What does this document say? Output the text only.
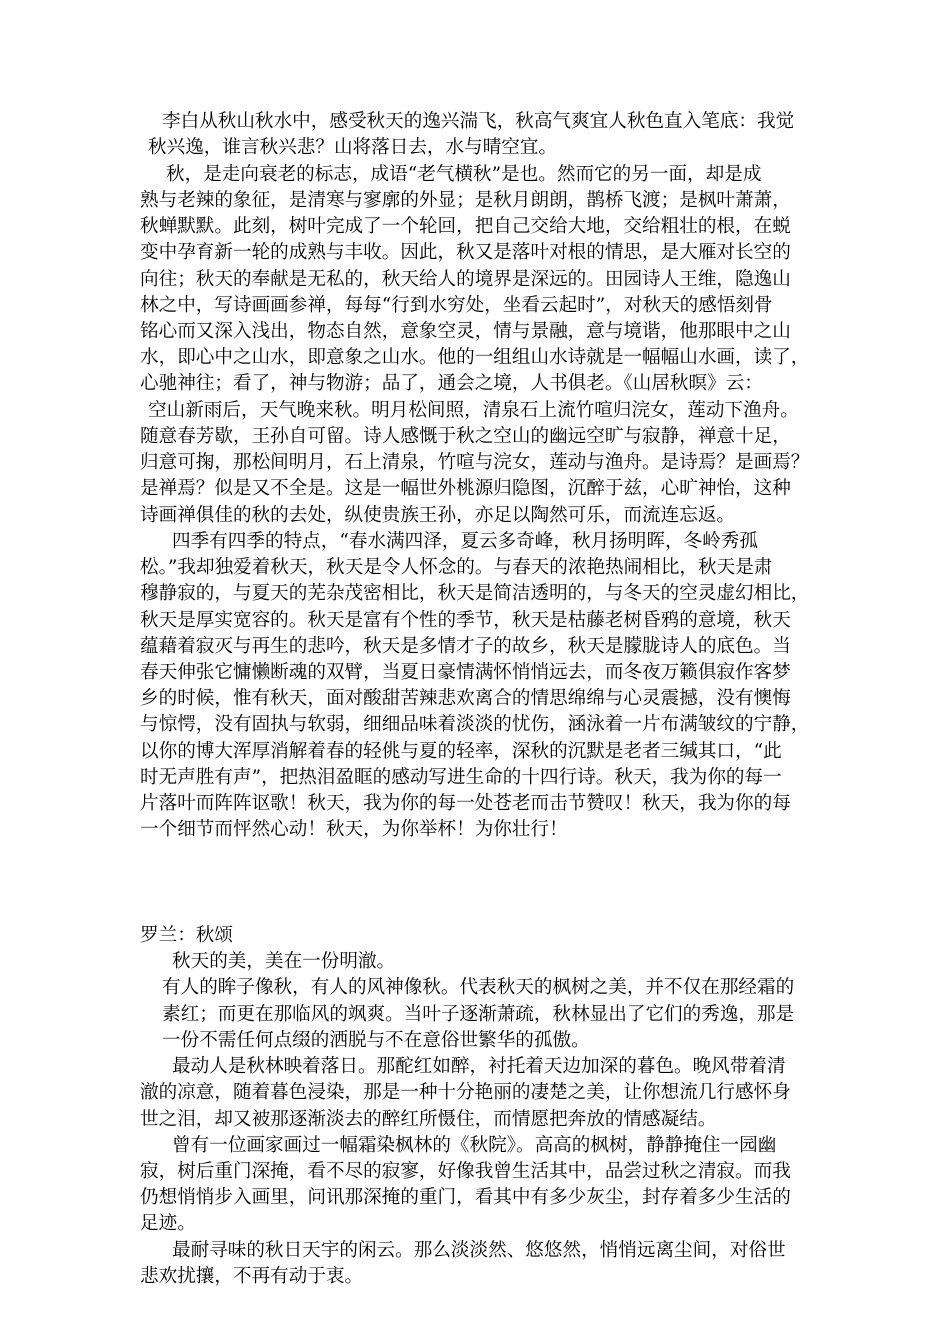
李白从秋山秋水中，感受秋天的逸兴湍飞，秋高气爽宜人秋色直入笔底：我觉

秋兴逸，谁言秋兴悲？山将落日去，水与晴空宜。

秋，是走向衰老的标志，成语“老气横秋”是也。然而它的另一面，却是成

熟与老辣的象征，是清寒与寥廓的外显；是秋月朗朗，鹊桥飞渡；是枫叶萧萧，

秋蝉默默。此刻，树叶完成了一个轮回，把自己交给大地，交给粗壮的根，在蜕

变中孕育新一轮的成熟与丰收。因此，秋又是落叶对根的情思，是大雁对长空的

向往；秋天的奉献是无私的，秋天给人的境界是深远的。田园诗人王维，隐逸山

林之中，写诗画画参禅，每每“行到水穷处，坐看云起时”，对秋天的感悟刻骨

铭心而又深入浅出，物态自然，意象空灵，情与景融，意与境谐，他那眼中之山

水，即心中之山水，即意象之山水。他的一组组山水诗就是一幅幅山水画，读了，

心驰神往；看了，神与物游；品了，通会之境，人书俱老。《山居秋暝》云：

空山新雨后，天气晚来秋。明月松间照，清泉石上流竹喧归浣女，莲动下渔舟。

随意春芳歇，王孙自可留。诗人感慨于秋之空山的幽远空旷与寂静，禅意十足，

归意可掬，那松间明月，石上清泉，竹喧与浣女，莲动与渔舟。是诗焉？是画焉？

是禅焉？似是又不全是。这是一幅世外桃源归隐图，沉醉于兹，心旷神怡，这种

诗画禅俱佳的秋的去处，纵使贵族王孙，亦足以陶然可乐，而流连忘返。

四季有四季的特点，“春水满四泽，夏云多奇峰，秋月扬明晖，冬岭秀孤

松。”我却独爱着秋天，秋天是令人怀念的。与春天的浓艳热闹相比，秋天是肃

穆静寂的，与夏天的芜杂茂密相比，秋天是简洁透明的，与冬天的空灵虚幻相比，

秋天是厚实宽容的。秋天是富有个性的季节，秋天是枯藤老树昏鸦的意境，秋天

蕴藉着寂灭与再生的悲吟，秋天是多情才子的故乡，秋天是朦胧诗人的底色。当

春天伸张它慵懒断魂的双臂，当夏日豪情满怀悄悄远去，而冬夜万籁俱寂作客梦

乡的时候，惟有秋天，面对酸甜苦辣悲欢离合的情思绵绵与心灵震撼，没有懊悔

与惊愕，没有固执与软弱，细细品味着淡淡的忧伤，涵泳着一片布满皱纹的宁静，

以你的博大浑厚消解着春的轻佻与夏的轻率，深秋的沉默是老者三缄其口，“此

时无声胜有声”，把热泪盈眶的感动写进生命的十四行诗。秋天，我为你的每一

片落叶而阵阵讴歌！秋天，我为你的每一处苍老而击节赞叹！秋天，我为你的每

一个细节而怦然心动！秋天，为你举杯！为你壮行！

罗兰：秋颂

秋天的美，美在一份明澈。

有人的眸子像秋，有人的风神像秋。代表秋天的枫树之美，并不仅在那经霜的

素红；而更在那临风的飒爽。当叶子逐渐萧疏，秋林显出了它们的秀逸，那是

一份不需任何点缀的洒脱与不在意俗世繁华的孤傲。

最动人是秋林映着落日。那酡红如醉，衬托着天边加深的暮色。晚风带着清

澈的凉意，随着暮色浸染，那是一种十分艳丽的凄楚之美，让你想流几行感怀身

世之泪，却又被那逐渐淡去的醉红所慑住，而情愿把奔放的情感凝结。

曾有一位画家画过一幅霜染枫林的《秋院》。高高的枫树，静静掩住一园幽

寂，树后重门深掩，看不尽的寂寥，好像我曾生活其中，品尝过秋之清寂。而我

仍想悄悄步入画里，问讯那深掩的重门，看其中有多少灰尘，封存着多少生活的

足迹。

最耐寻味的秋日天宇的闲云。那么淡淡然、悠悠然，悄悄远离尘间，对俗世

悲欢扰攘，不再有动于衷。
